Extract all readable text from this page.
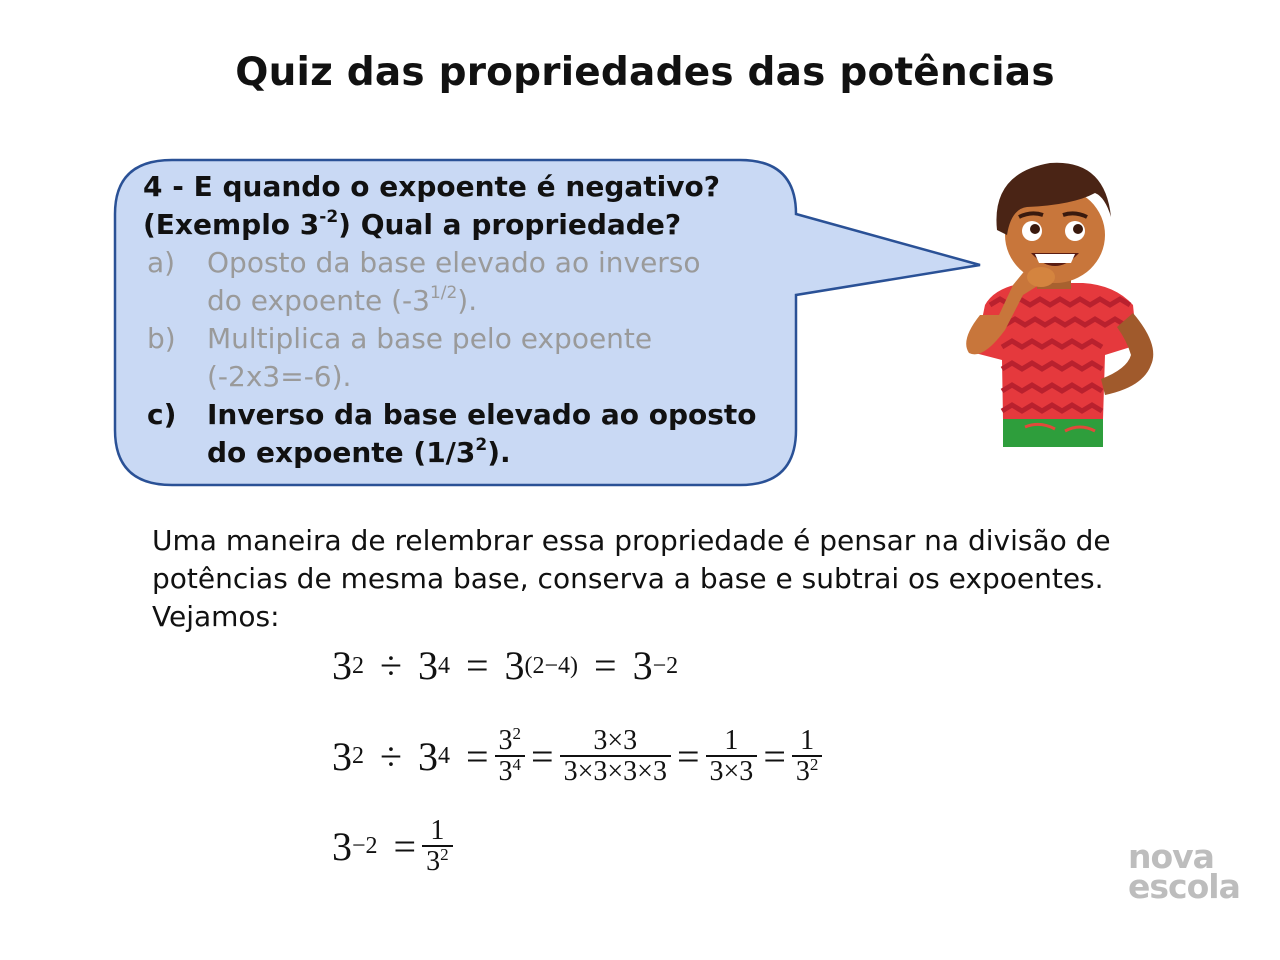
Quiz das propriedades das potências
4 - E quando o expoente é negativo?
(Exemplo $3^{-2}$) Qual a propriedade?
a)	Oposto da base elevado ao inverso
do expoente $(-3^{1/2})$.
b)	Multiplica a base pelo expoente
(-2x3=-6).
c)	Inverso da base elevado ao oposto
do expoente $(1/3^2)$.
Uma maneira de relembrar essa propriedade é pensar na divisão de potências de mesma base, conserva a base e subtrai os expoentes. Vejamos:
3 2 ÷ 3 4 = 3 (2−4) = 3 −2
3 2 ÷ 3 $4 = \frac{3^2}{3^4} = \frac{3\times 3}{3\times 3\times 3\times 3} = \frac{1}{3\times 3} = \frac{1}{3^2}$
$3 -2 = \frac{1}{3^2}$	nova
escola
